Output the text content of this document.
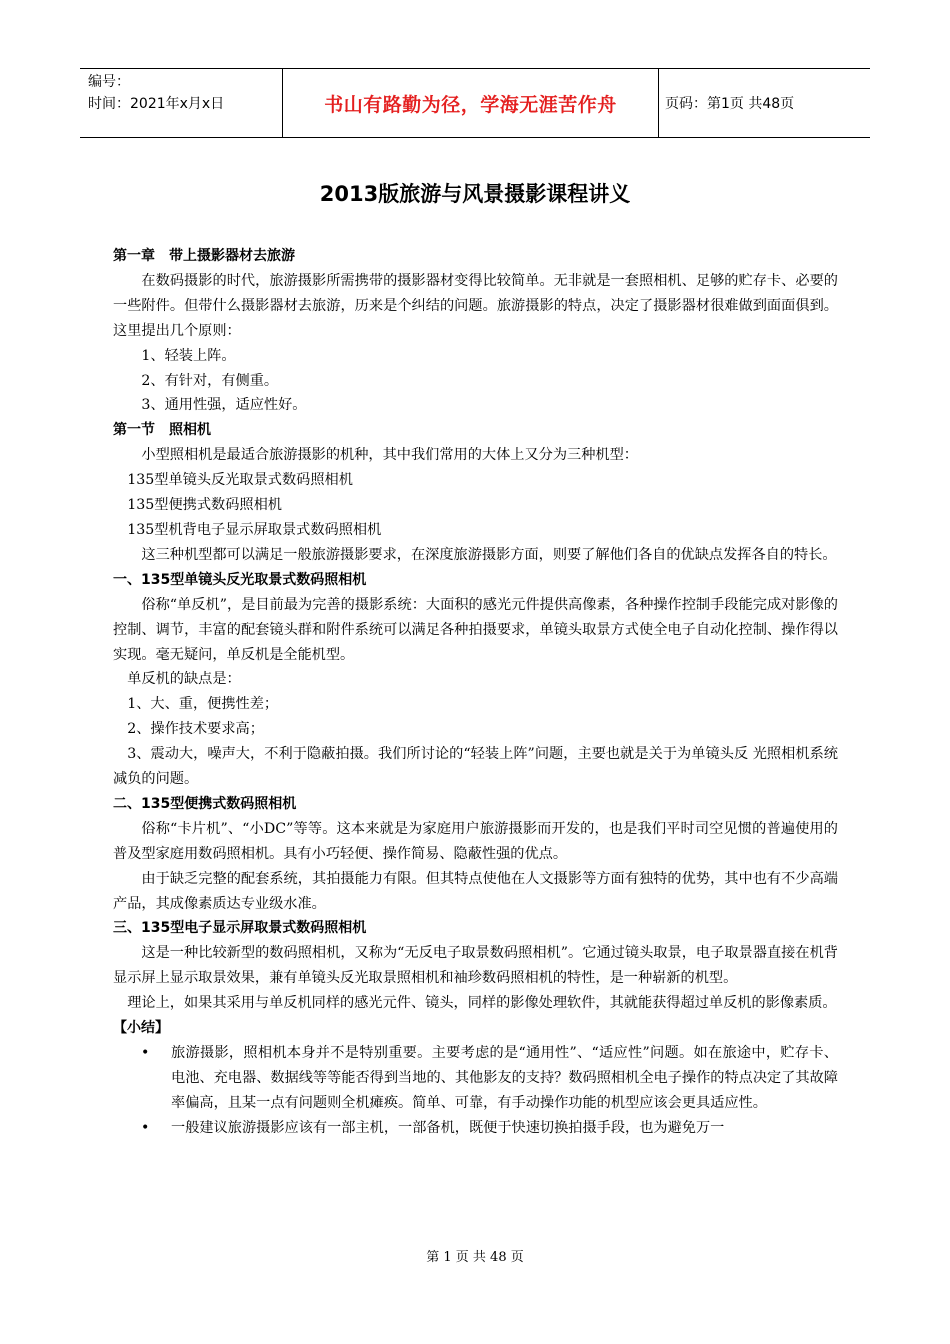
编号：
时间：2021年x月x日	书山有路勤为径，学海无涯苦作舟	页码：第1页 共48页
2013版旅游与风景摄影课程讲义

第一章　带上摄影器材去旅游

在数码摄影的时代，旅游摄影所需携带的摄影器材变得比较简单。无非就是一套照相机、足够的贮存卡、必要的一些附件。但带什么摄影器材去旅游，历来是个纠结的问题。旅游摄影的特点，决定了摄影器材很难做到面面俱到。这里提出几个原则：

1、轻装上阵。

2、有针对，有侧重。

3、通用性强，适应性好。

第一节　照相机

小型照相机是最适合旅游摄影的机种，其中我们常用的大体上又分为三种机型：

135型单镜头反光取景式数码照相机

135型便携式数码照相机

135型机背电子显示屏取景式数码照相机

这三种机型都可以满足一般旅游摄影要求，在深度旅游摄影方面，则要了解他们各自的优缺点发挥各自的特长。

一、135型单镜头反光取景式数码照相机

俗称“单反机”，是目前最为完善的摄影系统：大面积的感光元件提供高像素，各种操作控制手段能完成对影像的控制、调节，丰富的配套镜头群和附件系统可以满足各种拍摄要求，单镜头取景方式使全电子自动化控制、操作得以实现。毫无疑问，单反机是全能机型。

单反机的缺点是：

1、大、重，便携性差；

2、操作技术要求高；

3、震动大，噪声大，不利于隐蔽拍摄。我们所讨论的“轻装上阵”问题，主要也就是关于为单镜头反 光照相机系统减负的问题。

二、135型便携式数码照相机

俗称“卡片机”、“小DC”等等。这本来就是为家庭用户旅游摄影而开发的，也是我们平时司空见惯的普遍使用的普及型家庭用数码照相机。具有小巧轻便、操作简易、隐蔽性强的优点。

由于缺乏完整的配套系统，其拍摄能力有限。但其特点使他在人文摄影等方面有独特的优势，其中也有不少高端产品，其成像素质达专业级水准。

三、135型电子显示屏取景式数码照相机

这是一种比较新型的数码照相机，又称为“无反电子取景数码照相机”。它通过镜头取景，电子取景器直接在机背显示屏上显示取景效果，兼有单镜头反光取景照相机和袖珍数码照相机的特性，是一种崭新的机型。

理论上，如果其采用与单反机同样的感光元件、镜头，同样的影像处理软件，其就能获得超过单反机的影像素质。

【小结】

• 旅游摄影，照相机本身并不是特别重要。主要考虑的是“通用性”、“适应性”问题。如在旅途中，贮存卡、电池、充电器、数据线等等能否得到当地的、其他影友的支持？数码照相机全电子操作的特点决定了其故障率偏高，且某一点有问题则全机瘫痪。简单、可靠，有手动操作功能的机型应该会更具适应性。
• 一般建议旅游摄影应该有一部主机，一部备机，既便于快速切换拍摄手段，也为避免万一
第 1 页 共 48 页
